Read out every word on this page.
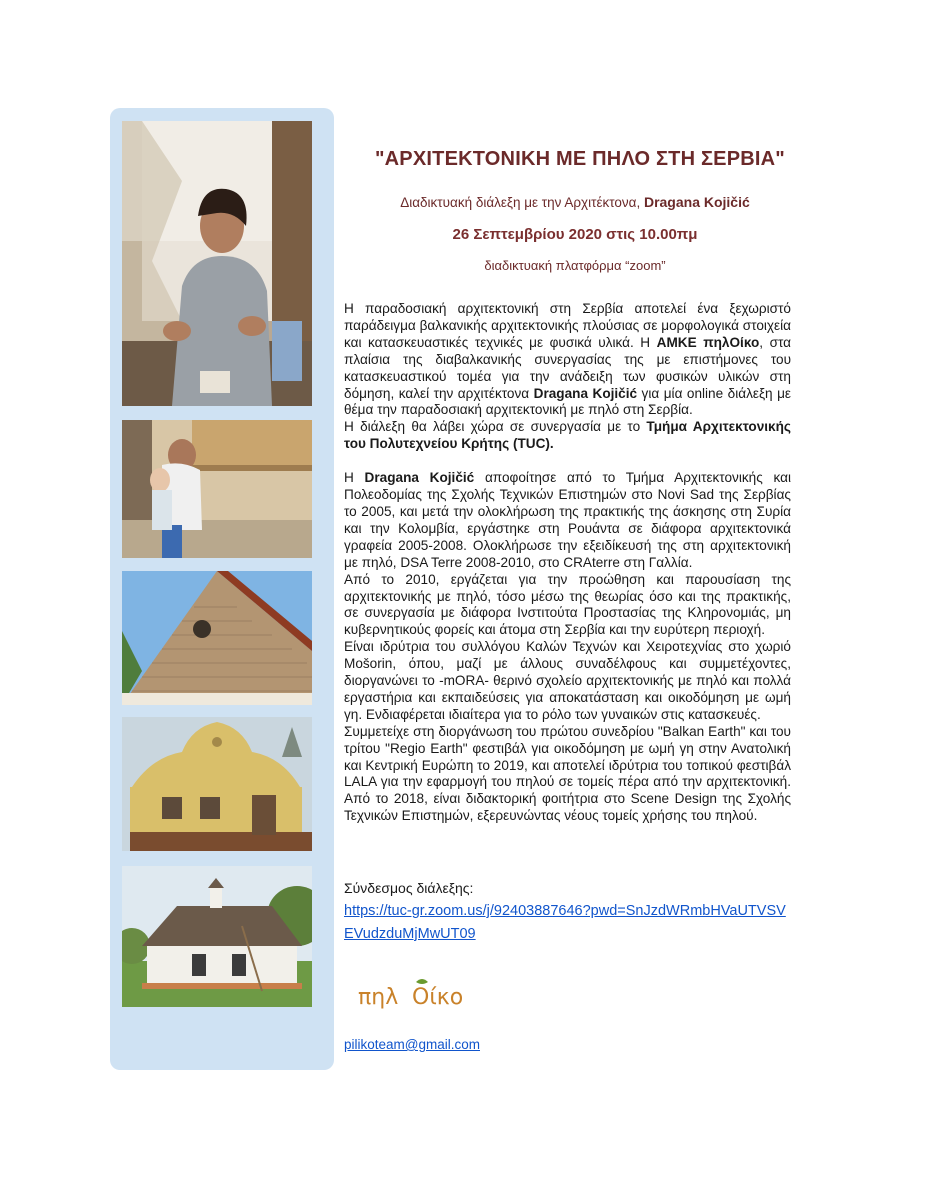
"ΑΡΧΙΤΕΚΤΟΝΙΚΗ ΜΕ ΠΗΛΟ ΣΤΗ ΣΕΡΒΙΑ"
Διαδικτυακή διάλεξη με την Αρχιτέκτονα, Dragana Kojičić
26 Σεπτεμβρίου 2020 στις 10.00πμ
διαδικτυακή πλατφόρμα “zoom”

Η παραδοσιακή αρχιτεκτονική στη Σερβία αποτελεί ένα ξεχωριστό παράδειγμα βαλκανικής αρχιτεκτονικής πλούσιας σε μορφολογικά στοιχεία και κατασκευαστικές τεχνικές με φυσικά υλικά. Η ΑΜΚΕ πηλΟίκο, στα πλαίσια της διαβαλκανικής συνεργασίας της με επιστήμονες του κατασκευαστικού τομέα για την ανάδειξη των φυσικών υλικών στη δόμηση, καλεί την αρχιτέκτονα Dragana Kojičić για μία online διάλεξη με θέμα την παραδοσιακή αρχιτεκτονική με πηλό στη Σερβία.

Η διάλεξη θα λάβει χώρα σε συνεργασία με το Τμήμα Αρχιτεκτονικής του Πολυτεχνείου Κρήτης (TUC).

Η Dragana Kojičić αποφοίτησε από το Τμήμα Αρχιτεκτονικής και Πολεοδομίας της Σχολής Τεχνικών Επιστημών στο Novi Sad της Σερβίας το 2005, και μετά την ολοκλήρωση της πρακτικής της άσκησης στη Συρία και την Κολομβία, εργάστηκε στη Ρουάντα σε διάφορα αρχιτεκτονικά γραφεία 2005-2008. Ολοκλήρωσε την εξειδίκευσή της στη αρχιτεκτονική με πηλό, DSA Terre 2008-2010, στο CRAterre στη Γαλλία.

Από το 2010, εργάζεται για την προώθηση και παρουσίαση της αρχιτεκτονικής με πηλό, τόσο μέσω της θεωρίας όσο και της πρακτικής, σε συνεργασία με διάφορα Ινστιτούτα Προστασίας της Κληρονομιάς, μη κυβερνητικούς φορείς και άτομα στη Σερβία και την ευρύτερη περιοχή.

Είναι ιδρύτρια του συλλόγου Καλών Τεχνών και Χειροτεχνίας στο χωριό Mošorin, όπου, μαζί με άλλους συναδέλφους και συμμετέχοντες, διοργανώνει το -mORA- θερινό σχολείο αρχιτεκτονικής με πηλό και πολλά εργαστήρια και εκπαιδεύσεις για αποκατάσταση και οικοδόμηση με ωμή γη. Ενδιαφέρεται ιδιαίτερα για το ρόλο των γυναικών στις κατασκευές.

Συμμετείχε στη διοργάνωση του πρώτου συνεδρίου "Balkan Earth" και του τρίτου "Regio Earth" φεστιβάλ για οικοδόμηση με ωμή γη στην Ανατολική και Κεντρική Ευρώπη το 2019, και αποτελεί ιδρύτρια του τοπικού φεστιβάλ LALA για την εφαρμογή του πηλού σε τομείς πέρα από την αρχιτεκτονική. Από το 2018, είναι διδακτορική φοιτήτρια στο Scene Design της Σχολής Τεχνικών Επιστημών, εξερευνώντας νέους τομείς χρήσης του πηλού.

Σύνδεσμος διάλεξης:
https://tuc-gr.zoom.us/j/92403887646?pwd=SnJzdWRmbHVaUTVSVEVudzduMjMwUT09
πηλ Oίκο
pilikoteam@gmail.com
